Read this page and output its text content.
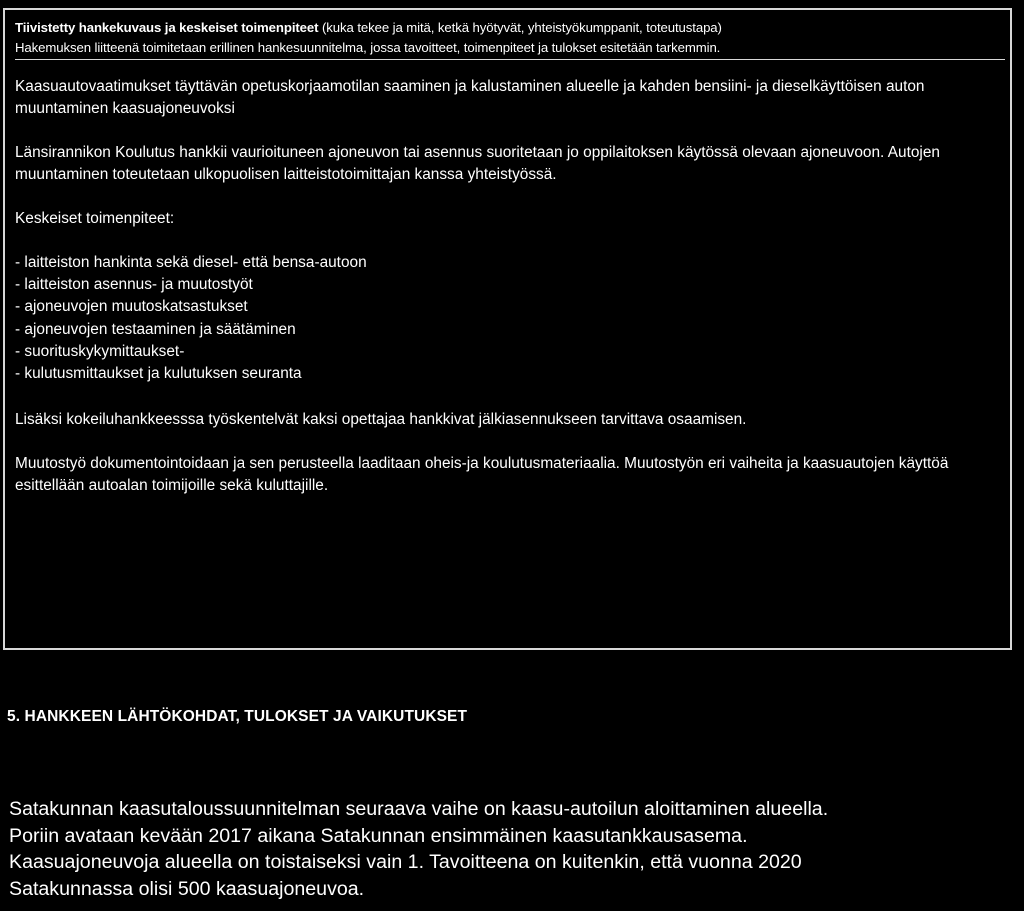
Tiivistetty hankekuvaus ja keskeiset toimenpiteet (kuka tekee ja mitä, ketkä hyötyvät, yhteistyökumppanit, toteutustapa)
Hakemuksen liitteenä toimitetaan erillinen hankesuunnitelma, jossa tavoitteet, toimenpiteet ja tulokset esitetään tarkemmin.

Kaasuautovaatimukset täyttävän opetuskorjaamotilan saaminen ja kalustaminen alueelle ja kahden bensiini- ja dieselkäyttöisen auton muuntaminen kaasuajoneuvoksi

Länsirannikon Koulutus hankkii vaurioituneen ajoneuvon tai asennus suoritetaan jo oppilaitoksen käytössä olevaan ajoneuvoon. Autojen muuntaminen toteutetaan ulkopuolisen laitteistotoimittajan kanssa yhteistyössä.

Keskeiset toimenpiteet:

- laitteiston hankinta sekä diesel- että bensa-autoon
- laitteiston asennus- ja muutostyöt
- ajoneuvojen muutoskatsastukset
- ajoneuvojen testaaminen ja säätäminen
- suorituskykymittaukset-
- kulutusmittaukset ja kulutuksen seuranta

Lisäksi kokeiluhankkeesssa työskentelvät kaksi opettajaa hankkivat jälkiasennukseen tarvittava osaamisen.

Muutostyö dokumentointoidaan ja sen perusteella laaditaan oheis-ja koulutusmateriaalia. Muutostyön eri vaiheita ja kaasuautojen käyttöä esittellään autoalan toimijoille sekä kuluttajille.

5. HANKKEEN LÄHTÖKOHDAT, TULOKSET JA VAIKUTUKSET
Satakunnan kaasutaloussuunnitelman seuraava vaihe on kaasu-autoilun aloittaminen alueella.
Poriin avataan kevään 2017 aikana Satakunnan ensimmäinen kaasutankkausasema.
Kaasuajoneuvoja alueella on toistaiseksi vain 1. Tavoitteena on kuitenkin, että vuonna 2020
Satakunnassa olisi 500 kaasuajoneuvoa.
